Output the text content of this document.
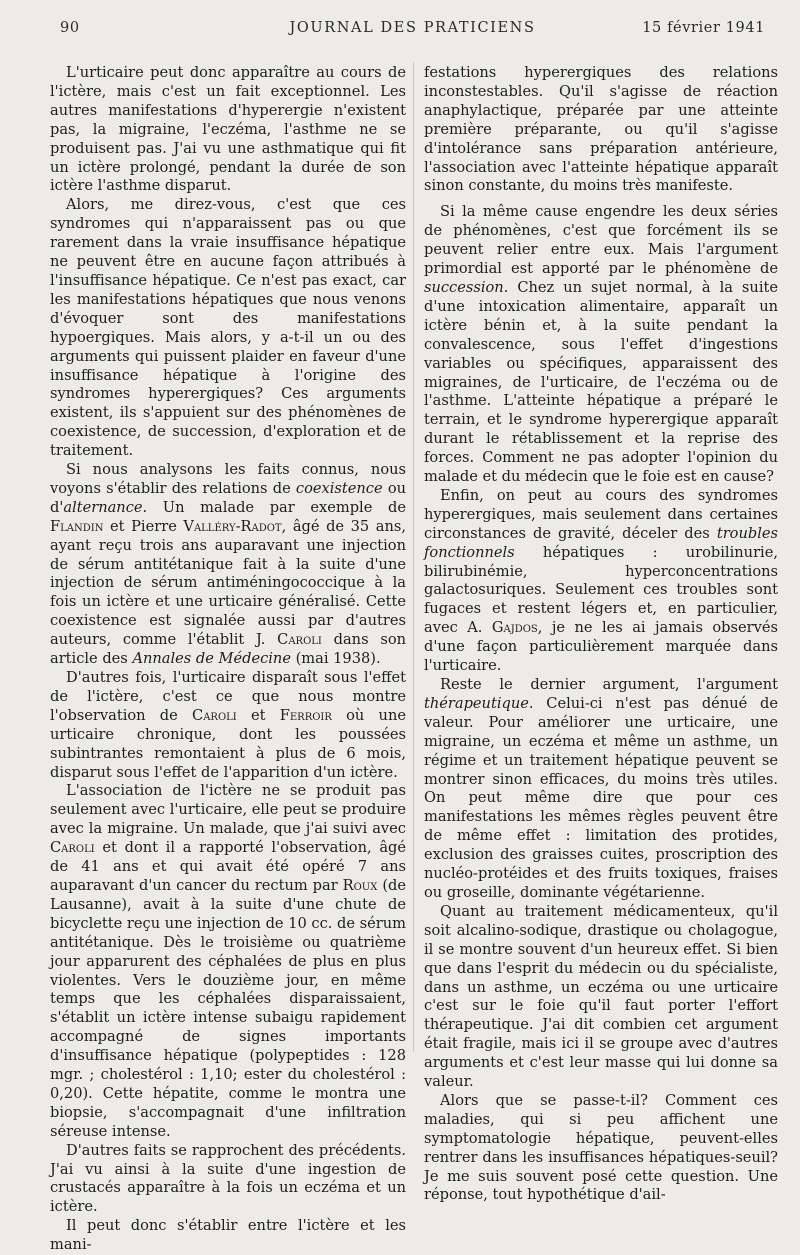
90	JOURNAL DES PRATICIENS	15 février 1941

L'urticaire peut donc apparaître au cours de l'ictère, mais c'est un fait exceptionnel. Les autres manifestations d'hyperergie n'existent pas, la migraine, l'eczéma, l'asthme ne se produisent pas. J'ai vu une asthmatique qui fit un ictère prolongé, pendant la durée de son ictère l'asthme disparut.

Alors, me direz-vous, c'est que ces syndromes qui n'apparaissent pas ou que rarement dans la vraie insuffisance hépatique ne peuvent être en aucune façon attribués à l'insuffisance hépatique. Ce n'est pas exact, car les manifestations hépatiques que nous venons d'évoquer sont des manifestations hypoergiques. Mais alors, y a-t-il un ou des arguments qui puissent plaider en faveur d'une insuffisance hépatique à l'origine des syndromes hyperergiques? Ces arguments existent, ils s'appuient sur des phénomènes de coexistence, de succession, d'exploration et de traitement.

Si nous analysons les faits connus, nous voyons s'établir des relations de coexistence ou d'alternance. Un malade par exemple de Flandin et Pierre Valléry-Radot, âgé de 35 ans, ayant reçu trois ans auparavant une injection de sérum antitétanique fait à la suite d'une injection de sérum antiméningococcique à la fois un ictère et une urticaire généralisé. Cette coexistence est signalée aussi par d'autres auteurs, comme l'établit J. Caroli dans son article des Annales de Médecine (mai 1938).

D'autres fois, l'urticaire disparaît sous l'effet de l'ictère, c'est ce que nous montre l'observation de Caroli et Ferroir où une urticaire chronique, dont les poussées subintrantes remontaient à plus de 6 mois, disparut sous l'effet de l'apparition d'un ictère.

L'association de l'ictère ne se produit pas seulement avec l'urticaire, elle peut se produire avec la migraine. Un malade, que j'ai suivi avec Caroli et dont il a rapporté l'observation, âgé de 41 ans et qui avait été opéré 7 ans auparavant d'un cancer du rectum par Roux (de Lausanne), avait à la suite d'une chute de bicyclette reçu une injection de 10 cc. de sérum antitétanique. Dès le troisième ou quatrième jour apparurent des céphalées de plus en plus violentes. Vers le douzième jour, en même temps que les céphalées disparaissaient, s'établit un ictère intense subaigu rapidement accompagné de signes importants d'insuffisance hépatique (polypeptides : 128 mgr. ; cholestérol : 1,10; ester du cholestérol : 0,20). Cette hépatite, comme le montra une biopsie, s'accompagnait d'une infiltration séreuse intense.

D'autres faits se rapprochent des précédents. J'ai vu ainsi à la suite d'une ingestion de crustacés apparaître à la fois un eczéma et un ictère.

Il peut donc s'établir entre l'ictère et les mani-

festations hyperergiques des relations inconstestables. Qu'il s'agisse de réaction anaphylactique, préparée par une atteinte première préparante, ou qu'il s'agisse d'intolérance sans préparation antérieure, l'association avec l'atteinte hépatique apparaît sinon constante, du moins très manifeste.

Si la même cause engendre les deux séries de phénomènes, c'est que forcément ils se peuvent relier entre eux. Mais l'argument primordial est apporté par le phénomène de succession. Chez un sujet normal, à la suite d'une intoxication alimentaire, apparaît un ictère bénin et, à la suite pendant la convalescence, sous l'effet d'ingestions variables ou spécifiques, apparaissent des migraines, de l'urticaire, de l'eczéma ou de l'asthme. L'atteinte hépatique a préparé le terrain, et le syndrome hyperergique apparaît durant le rétablissement et la reprise des forces. Comment ne pas adopter l'opinion du malade et du médecin que le foie est en cause?

Enfin, on peut au cours des syndromes hyperergiques, mais seulement dans certaines circonstances de gravité, déceler des troubles fonctionnels hépatiques : urobilinurie, bilirubinémie, hyperconcentrations galactosuriques. Seulement ces troubles sont fugaces et restent légers et, en particulier, avec A. Gajdos, je ne les ai jamais observés d'une façon particulièrement marquée dans l'urticaire.

Reste le dernier argument, l'argument thérapeutique. Celui-ci n'est pas dénué de valeur. Pour améliorer une urticaire, une migraine, un eczéma et même un asthme, un régime et un traitement hépatique peuvent se montrer sinon efficaces, du moins très utiles. On peut même dire que pour ces manifestations les mêmes règles peuvent être de même effet : limitation des protides, exclusion des graisses cuites, proscription des nucléo-protéides et des fruits toxiques, fraises ou groseille, dominante végétarienne.

Quant au traitement médicamenteux, qu'il soit alcalino-sodique, drastique ou cholagogue, il se montre souvent d'un heureux effet. Si bien que dans l'esprit du médecin ou du spécialiste, dans un asthme, un eczéma ou une urticaire c'est sur le foie qu'il faut porter l'effort thérapeutique. J'ai dit combien cet argument était fragile, mais ici il se groupe avec d'autres arguments et c'est leur masse qui lui donne sa valeur.

Alors que se passe-t-il? Comment ces maladies, qui si peu affichent une symptomatologie hépatique, peuvent-elles rentrer dans les insuffisances hépatiques-seuil? Je me suis souvent posé cette question. Une réponse, tout hypothétique d'ail-
